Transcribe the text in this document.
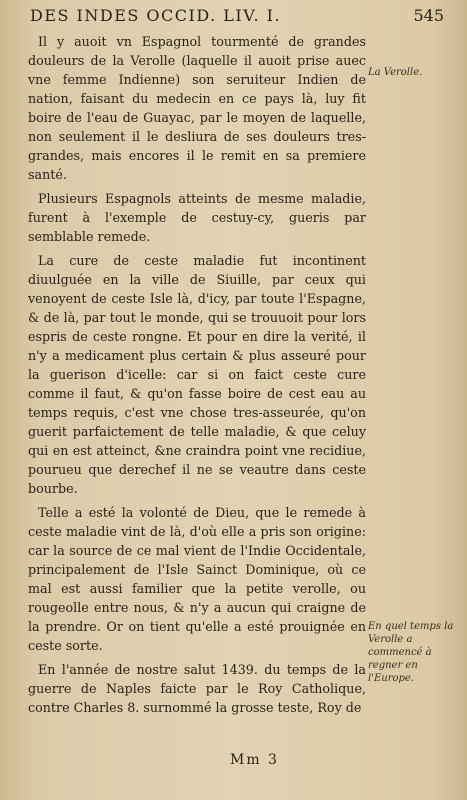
DES INDES OCCID. LIV. I.	545

Il y auoit vn Espagnol tourmenté de grandes douleurs de la Verolle (laquelle il auoit prise auec vne femme Indienne) son seruiteur Indien de nation, faisant du medecin en ce pays là, luy fit boire de l'eau de Guayac, par le moyen de laquelle, non seulement il le desliura de ses douleurs tres-grandes, mais encores il le remit en sa premiere santé.

Plusieurs Espagnols atteints de mesme maladie, furent à l'exemple de cestuy-cy, gueris par semblable remede.

La cure de ceste maladie fut incontinent diuulguée en la ville de Siuille, par ceux qui venoyent de ceste Isle là, d'icy, par toute l'Espagne, & de là, par tout le monde, qui se trouuoit pour lors espris de ceste rongne. Et pour en dire la verité, il n'y a medicament plus certain & plus asseuré pour la guerison d'icelle: car si on faict ceste cure comme il faut, & qu'on fasse boire de cest eau au temps requis, c'est vne chose tres-asseurée, qu'on guerit parfaictement de telle maladie, & que celuy qui en est atteinct, &ne craindra point vne recidiue, pourueu que derechef il ne se veautre dans ceste bourbe.

Telle a esté la volonté de Dieu, que le remede à ceste maladie vint de là, d'où elle a pris son origine: car la source de ce mal vient de l'Indie Occidentale, principalement de l'Isle Sainct Dominique, où ce mal est aussi familier que la petite verolle, ou rougeolle entre nous, & n'y a aucun qui craigne de la prendre. Or on tient qu'elle a esté prouignée en ceste sorte.

En l'année de nostre salut 1439. du temps de la guerre de Naples faicte par le Roy Catholique, contre Charles 8. surnommé la grosse teste, Roy de

La Verolle.
En quel temps la Verolle a commencé à regner en l'Europe.
Mm 3
